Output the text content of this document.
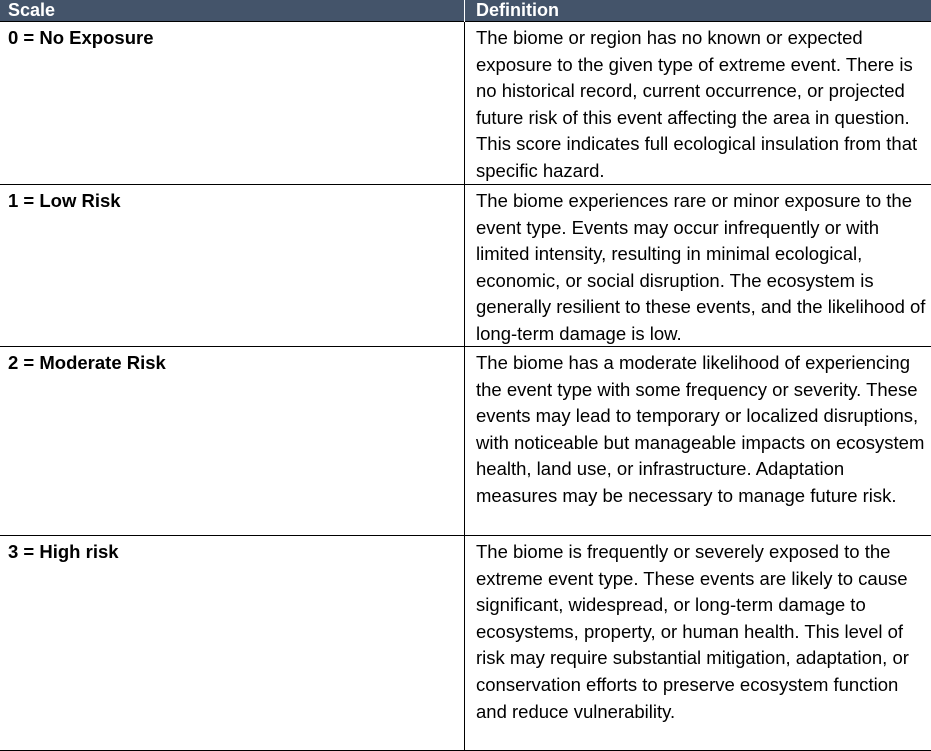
Scale	Definition
0 = No Exposure	The biome or region has no known or expected exposure to the given type of extreme event. There is no historical record, current occurrence, or projected future risk of this event affecting the area in question. This score indicates full ecological insulation from that specific hazard.
1 = Low Risk	The biome experiences rare or minor exposure to the event type. Events may occur infrequently or with limited intensity, resulting in minimal ecological, economic, or social disruption. The ecosystem is generally resilient to these events, and the likelihood of long-term damage is low.
2 = Moderate Risk	The biome has a moderate likelihood of experiencing the event type with some frequency or severity. These events may lead to temporary or localized disruptions, with noticeable but manageable impacts on ecosystem health, land use, or infrastructure. Adaptation measures may be necessary to manage future risk.
3 = High risk	The biome is frequently or severely exposed to the extreme event type. These events are likely to cause significant, widespread, or long-term damage to ecosystems, property, or human health. This level of risk may require substantial mitigation, adaptation, or conservation efforts to preserve ecosystem function and reduce vulnerability.
